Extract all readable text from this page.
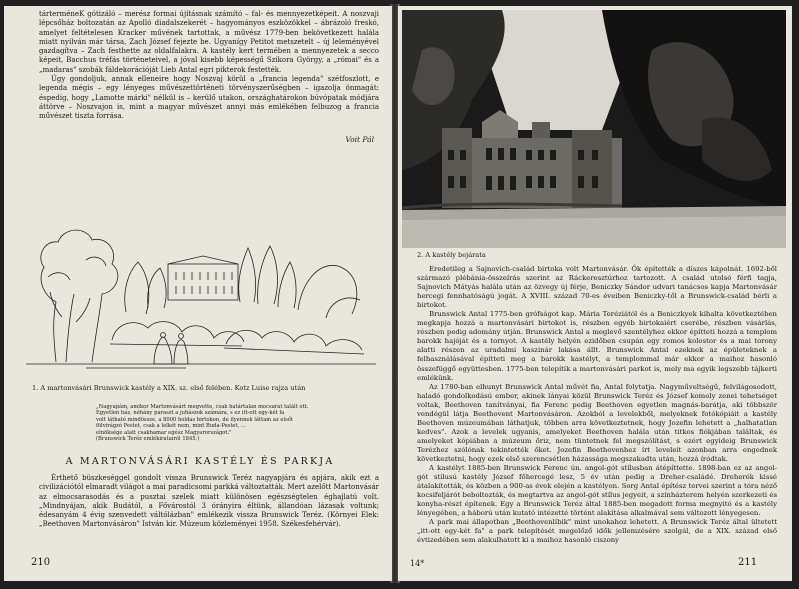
tárterméneK gótizáló – merész formai újításnak számító – fal- és mennyezetképeit. A noszvaji lépcsőház boltozatán az Apolló diadalszekerét – hagyományos eszközökkel – ábrázoló freskó, amelyet feltételesen Kracker művének tartottak, a művész 1779-ben bekövetkezett halála miatt nyilván már társa, Zach József fejezte be. Ugyanígy Petitot metszetelt – új leleményével gazdagítva – Zach festhette az oldalfalakra. A kastély kert termében a mennyezetek a secco képeit, Bacchus tréfás történeteivel, a jóval kisebb képességű Szikora György, a „római" és a „madaras" szobák fáldekorációját Lieb Antal egri pikterok festették.

Úgy gondoljuk, annak elleneire hogy Noszvaj körül a „francia legenda" szétfoszlott, e legenda mégis – egy lényeges művészettörténeti törvényszerűségben – igazolja önmagát: éspedig, hogy „Lamotte márki" nélkül is – kerülő utakon, országhatárokon búvópatak módjára áttörve – Noszvajon is, mint a magyar művészet annyi más emlékében felbuzog a francia művészet tiszta forrása.

Voit Pál
1. A martonvásári Brunswick kastély a XIX. sz. első felében. Kotz Luise rajza után

„Nagyapám, amikor Martonvásárt megvette, csak határtalan mocsarat talált ott. Egyetlen ház, néhány paraszt a juhászok számára, s ez itt-ott egy-két fa

volt látható mindössze, a 8000 holdas birtokon, de ilyennek láttam az elsőt

fölvirágzó Pestet, csak a lelkét nem, mint Buda-Pestet, ...

elnöksége alatt csakhamar egész Magyarországot."

(Brunswick Teréz emlékiratairól 1845.)

A MARTONVÁSÁRI KASTÉLY ÉS PARKJA

Érthető büszkeséggel gondolt vissza Brunswick Teréz nagyapjára és apjára, akik ezt a civilizációtól elmaradt világot a mai paradicsomi parkká változtatták. Mert azelőtt Martonvásár az elmocsarasodás és a pusztai szelek miatt különösen egészségtelen éghajlatú volt. „Mindnyájan, akik Budától, a Fővárostól 3 órányira éltünk, állandóan lázasak voltunk; édesanyám 4 évig szenvedett váltólázban" emlékezik vissza Brunswick Teréz. (Környei Elek: „Beethoven Martonvásáron" István kir. Múzeum közleményei 1958. Székesfehérvár).

210
2. A kastély bejárata

Eredetileg a Sajnovich-család birtoka volt Martonvásár. Ők építették a díszes kápolnát. 1692-ből származó plébánia-összeírás szerint az Ráckeresztúrhoz tartozott. A család utolsó férfi tagja, Sajnovich Mátyás halála után az özvegy új férje, Beniczky Sándor udvari tanácsos kapja Martonvásár hercegi fennhatóságú jogát. A XVIII. század 70-es éveiben Beniczky-től a Brunswick-család bérli a birtokot.

Brunswick Antal 1775-ben grófságot kap. Mária Teréziától és a Beniczkyek kihalta következtében megkapja hozzá a martonvásári birtokot is, részben egyéb birtokaiért cserébe, részben vásárlás, részben pedig adomány útján. Brunswick Antal a meglevő szentélyhez ekkor építteti hozzá a templom barokk hajóját és a tornyot. A kastély helyén ezidőben csupán egy romos kolostor és a mai torony alatti részen az uradalmi kaszinár lakása állt. Brunswick Antal ezeknek az épületeknek a felhasználásával építteti meg a barokk kastélyt, a templommal már ekkor a maihoz hasonló összefüggő együttesben. 1775-ben telepítik a martonvásári parkot is, mely ma egyik legszebb tájkerti emlékünk.

Az 1780-ban elhunyt Brunswick Antal művét fia, Antal folytatja. Nagyműveltségű, felvilágosodott, haladó gondolkodású ember, akinek lányai közül Brunswick Teréz és József komoly zenei tehetséget voltak, Beethoven tanítványai, fia Ferenc pedig Beethoven egyetlen magnás-barátja, aki többször vendégül látja Beethovent Martonvásáron. Azokból a levelekből, melyeknek fotókópiáit a kastély Beethoven múzeumában láthatjuk, többen arra következtetnek, hogy Jozefin lehetett a „halhatatlan kedves". Azok a levelek ugyanis, amelyeket Beethoven halála után titkos fiókjában találtak, és amelyeket kópiában a múzeum őriz, nem tüntetnek fel megszólítást, s ezért egyideig Brunswick Terézhez szólónak tekintették őket. Jozefin Beethovenhez írt leveleit azonban arra engednek következtetni, hogy ezek első szerencsétlen házassága megszakadta után, hozzá íródtak.

A kastélyt 1885-ben Brunswick Ferenc ún. angol-gót stílusban átépíttette. 1898-ban ez az angol-gót stílusú kastély József főhercegé lesz, 5 év után pedig a Dreher-családé. Dreherék kissé átalakították, és közben a 900-as évek elején a kastélyon. Sorg Antal építész tervei szerint a tóra néző kocsifeljárót beboltozták, és megtartva az angol-gót stílus jegyeit, a színházterem helyén szerkezeti és konyha-részt építenek. Egy a Brunswick Teréz által 1885-ben megadott forma megnyitó és a kastély lényegében, a háború után kutató intézetté történt alakítása alkalmával sem változott lényegesen.

A park mai állapotban „Beethovenlíbik" mint unokahoz lehetett. A Brunswick Teréz által ültetett „itt-ott egy-két fa" a park telepítését megelőző idők jellemzésére szolgál, de a XIX. század első évtizedében sem alakulhatott ki a maihoz hasonló ciszony

14*	211
